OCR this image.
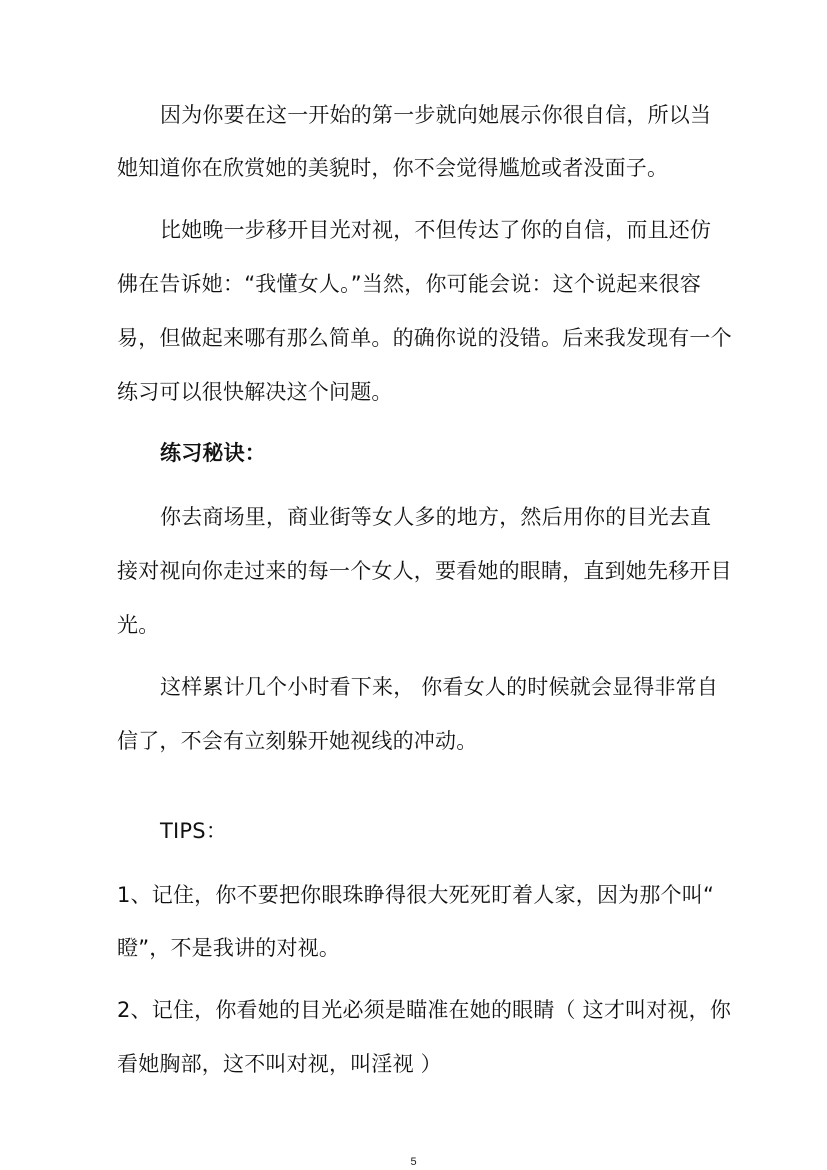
因为你要在这一开始的第一步就向她展示你很自信，所以当
她知道你在欣赏她的美貌时，你不会觉得尴尬或者没面子。
比她晚一步移开目光对视，不但传达了你的自信，而且还仿
佛在告诉她：“我懂女人。”当然，你可能会说：这个说起来很容
易，但做起来哪有那么简单。的确你说的没错。后来我发现有一个
练习可以很快解决这个问题。
练习秘诀：
你去商场里，商业街等女人多的地方，然后用你的目光去直
接对视向你走过来的每一个女人，要看她的眼睛，直到她先移开目
光。
这样累计几个小时看下来， 你看女人的时候就会显得非常自
信了，不会有立刻躲开她视线的冲动。
TIPS：
1、记住，你不要把你眼珠睁得很大死死盯着人家，因为那个叫“
瞪”，不是我讲的对视。
2、记住，你看她的目光必须是瞄准在她的眼睛（ 这才叫对视，你
看她胸部，这不叫对视，叫淫视 ）
5
